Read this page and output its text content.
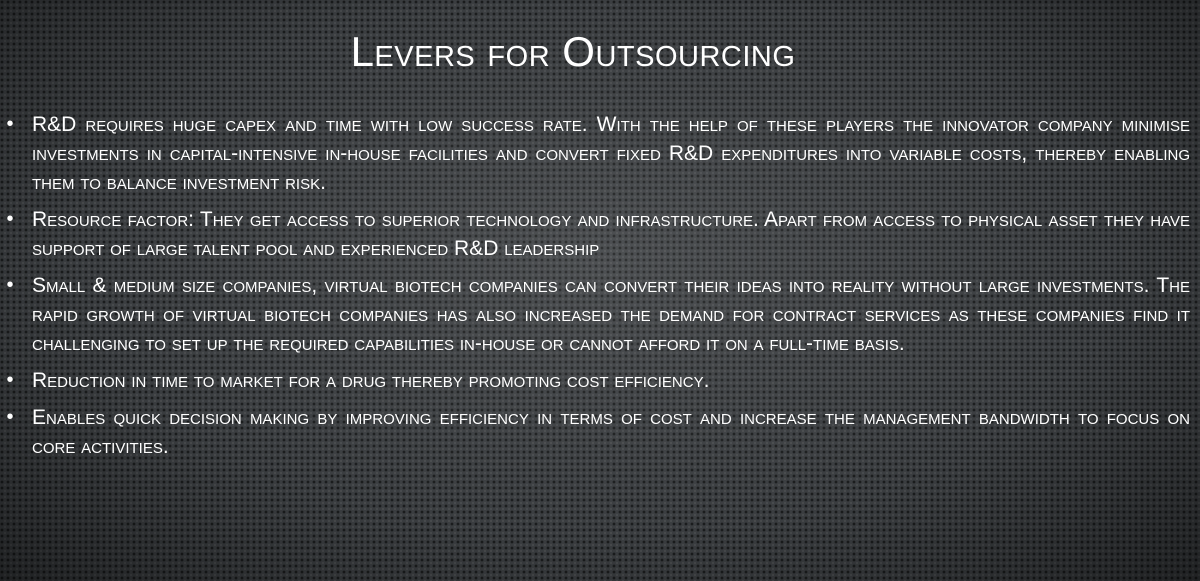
Levers for Outsourcing
• R&D requires huge capex and time with low success rate. With the help of these players the innovator company minimise investments in capital-intensive in-house facilities and convert fixed R&D expenditures into variable costs, thereby enabling them to balance investment risk.
• Resource factor: They get access to superior technology and infrastructure. Apart from access to physical asset they have support of large talent pool and experienced R&D leadership
• Small & medium size companies, virtual biotech companies can convert their ideas into reality without large investments. The rapid growth of virtual biotech companies has also increased the demand for contract services as these companies find it challenging to set up the required capabilities in-house or cannot afford it on a full-time basis.
• Reduction in time to market for a drug thereby promoting cost efficiency.
• Enables quick decision making by improving efficiency in terms of cost and increase the management bandwidth to focus on core activities.
